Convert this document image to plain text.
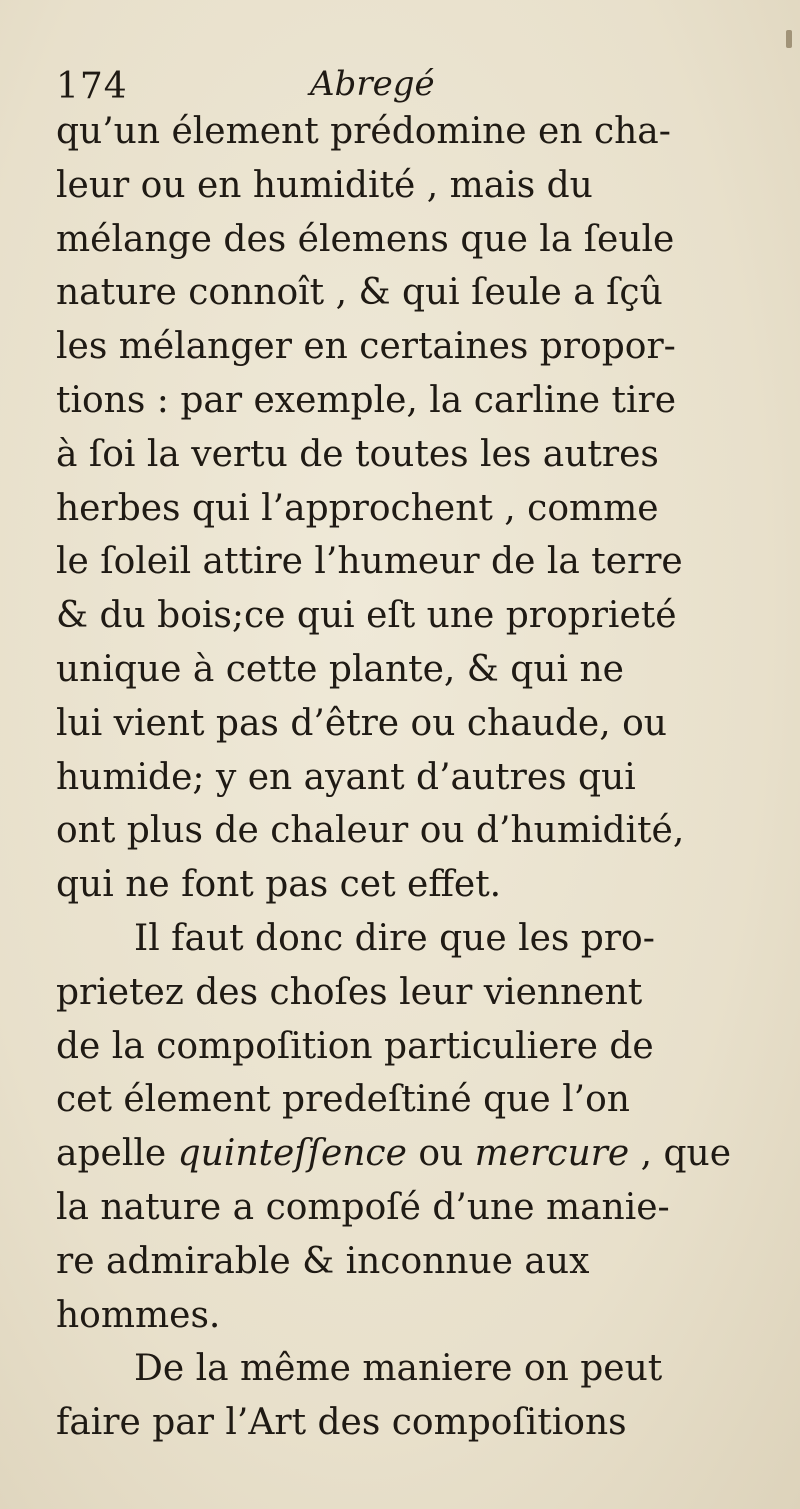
174	Abregé
qu’un élement prédomine en cha-
leur ou en humidité , mais du
mélange des élemens que la ſeule
nature connoît , & qui ſeule a ſçû
les mélanger en certaines propor-
tions : par exemple, la carline tire
à ſoi la vertu de toutes les autres
herbes qui l’approchent , comme
le ſoleil attire l’humeur de la terre
& du bois;ce qui eſt une proprieté
unique à cette plante, & qui ne
lui vient pas d’être ou chaude, ou
humide; y en ayant d’autres qui
ont plus de chaleur ou d’humidité,
qui ne font pas cet effet.
Il faut donc dire que les pro-
prietez des choſes leur viennent
de la compoſition particuliere de
cet élement predeſtiné que l’on
apelle quinteſſence ou mercure , que
la nature a compoſé d’une manie-
re admirable & inconnue aux
hommes.
De la même maniere on peut
faire par l’Art des compoſitions
